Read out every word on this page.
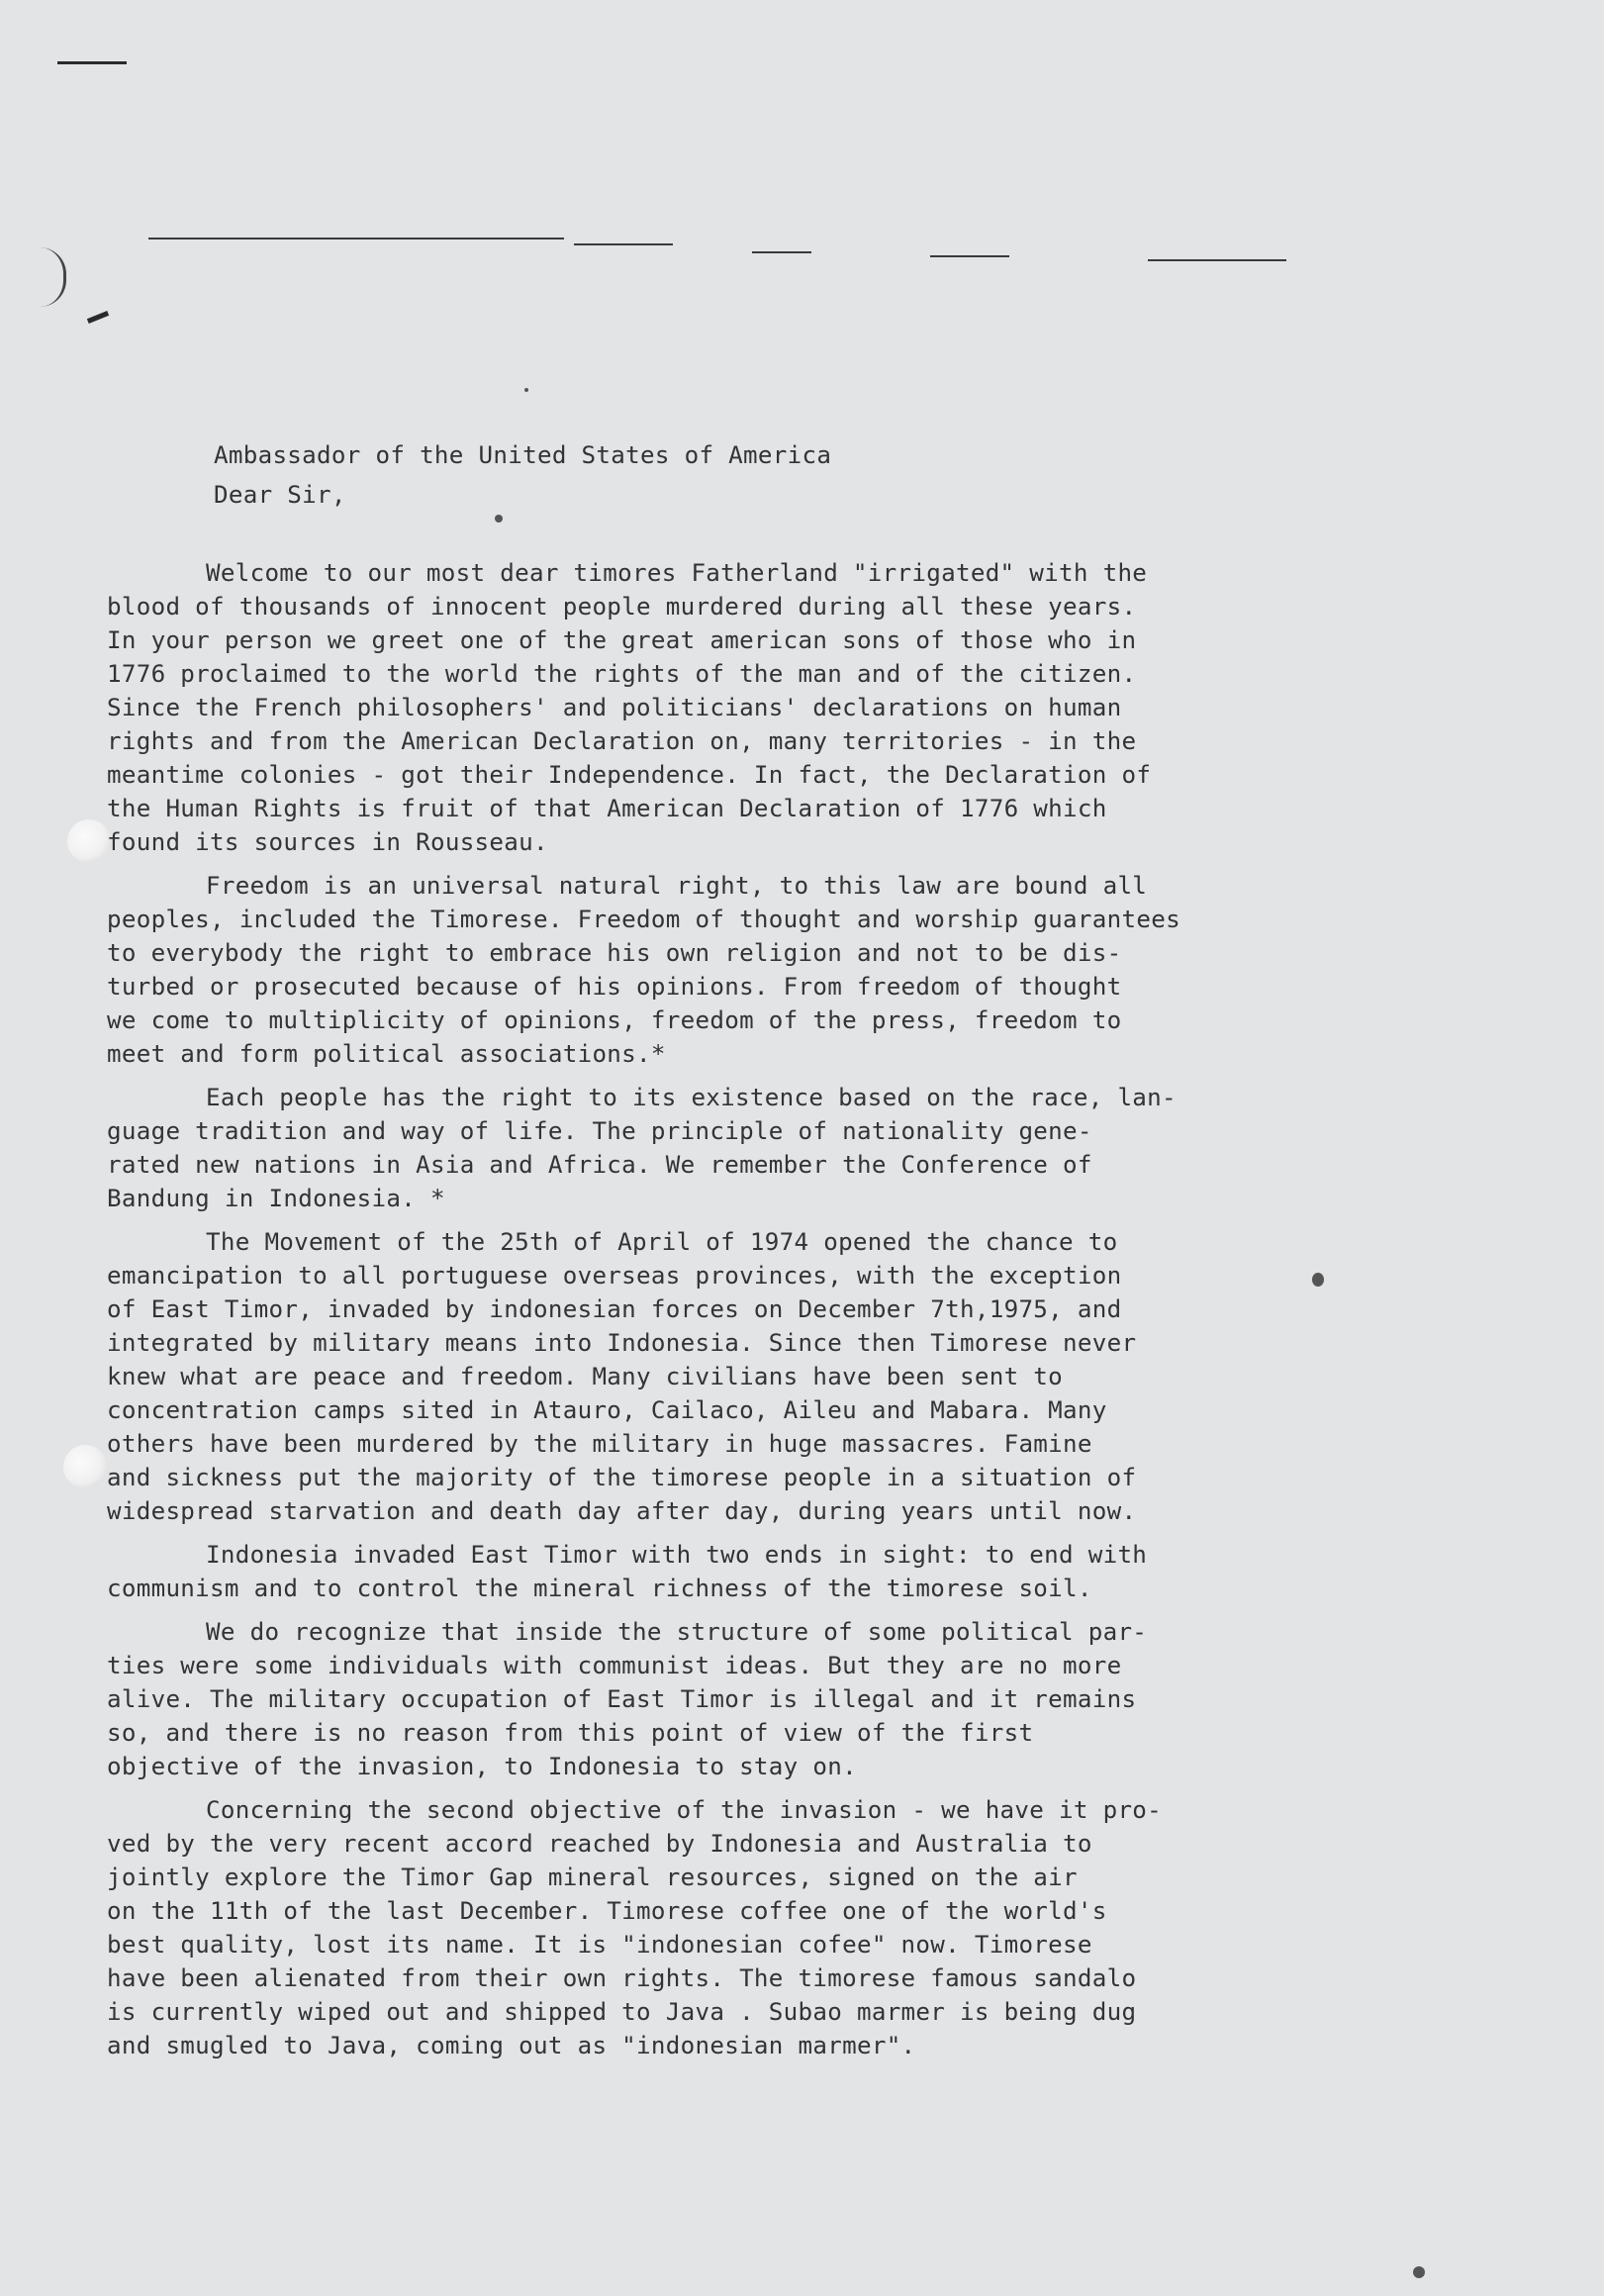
Ambassador of the United States of America
Dear Sir,
Welcome to our most dear timores Fatherland "irrigated" with the
blood of thousands of innocent people murdered during all these years.
In your person we greet one of the great american sons of those who in
1776 proclaimed to the world the rights of the man and of the citizen.
Since the French philosophers' and politicians' declarations on human
rights and from the American Declaration on, many territories - in the
meantime colonies - got their Independence. In fact, the Declaration of
the Human Rights is fruit of that American Declaration of 1776 which
found its sources in Rousseau.
Freedom is an universal natural right, to this law are bound all
peoples, included the Timorese. Freedom of thought and worship guarantees
to everybody the right to embrace his own religion and not to be dis-
turbed or prosecuted because of his opinions. From freedom of thought
we come to multiplicity of opinions, freedom of the press, freedom to
meet and form political associations.*
Each people has the right to its existence based on the race, lan-
guage tradition and way of life. The principle of nationality gene-
rated new nations in Asia and Africa. We remember the Conference of
Bandung in Indonesia. *
The Movement of the 25th of April of 1974 opened the chance to
emancipation to all portuguese overseas provinces, with the exception
of East Timor, invaded by indonesian forces on December 7th,1975, and
integrated by military means into Indonesia. Since then Timorese never
knew what are peace and freedom. Many civilians have been sent to
concentration camps sited in Atauro, Cailaco, Aileu and Mabara. Many
others have been murdered by the military in huge massacres. Famine
and sickness put the majority of the timorese people in a situation of
widespread starvation and death day after day, during years until now.
Indonesia invaded East Timor with two ends in sight: to end with
communism and to control the mineral richness of the timorese soil.
We do recognize that inside the structure of some political par-
ties were some individuals with communist ideas. But they are no more
alive. The military occupation of East Timor is illegal and it remains
so, and there is no reason from this point of view of the first
objective of the invasion, to Indonesia to stay on.
Concerning the second objective of the invasion - we have it pro-
ved by the very recent accord reached by Indonesia and Australia to
jointly explore the Timor Gap mineral resources, signed on the air
on the 11th of the last December. Timorese coffee one of the world's
best quality, lost its name. It is "indonesian cofee" now. Timorese
have been alienated from their own rights. The timorese famous sandalo
is currently wiped out and shipped to Java . Subao marmer is being dug
and smugled to Java, coming out as "indonesian marmer".
